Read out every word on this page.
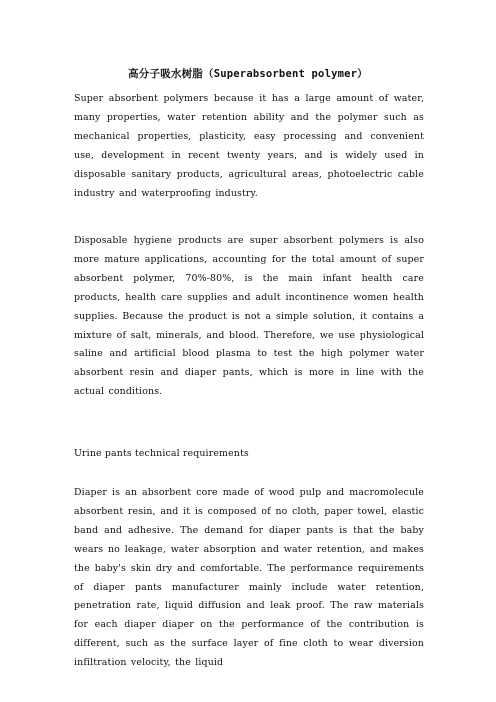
高分子吸水树脂（Superabsorbent polymer）
Super absorbent polymers because it has a large amount of water, many properties, water retention ability and the polymer such as mechanical properties, plasticity, easy processing and convenient use, development in recent twenty years, and is widely used in disposable sanitary products, agricultural areas, photoelectric cable industry and waterproofing industry.
Disposable hygiene products are super absorbent polymers is also more mature applications, accounting for the total amount of super absorbent polymer, 70%-80%, is the main infant health care products, health care supplies and adult incontinence women health supplies. Because the product is not a simple solution, it contains a mixture of salt, minerals, and blood. Therefore, we use physiological saline and artificial blood plasma to test the high polymer water absorbent resin and diaper pants, which is more in line with the actual conditions.
Urine pants technical requirements
Diaper is an absorbent core made of wood pulp and macromolecule absorbent resin, and it is composed of no cloth, paper towel, elastic band and adhesive. The demand for diaper pants is that the baby wears no leakage, water absorption and water retention, and makes the baby's skin dry and comfortable. The performance requirements of diaper pants manufacturer mainly include water retention, penetration rate, liquid diffusion and leak proof. The raw materials for each diaper diaper on the performance of the contribution is different, such as the surface layer of fine cloth to wear diversion infiltration velocity, the liquid
